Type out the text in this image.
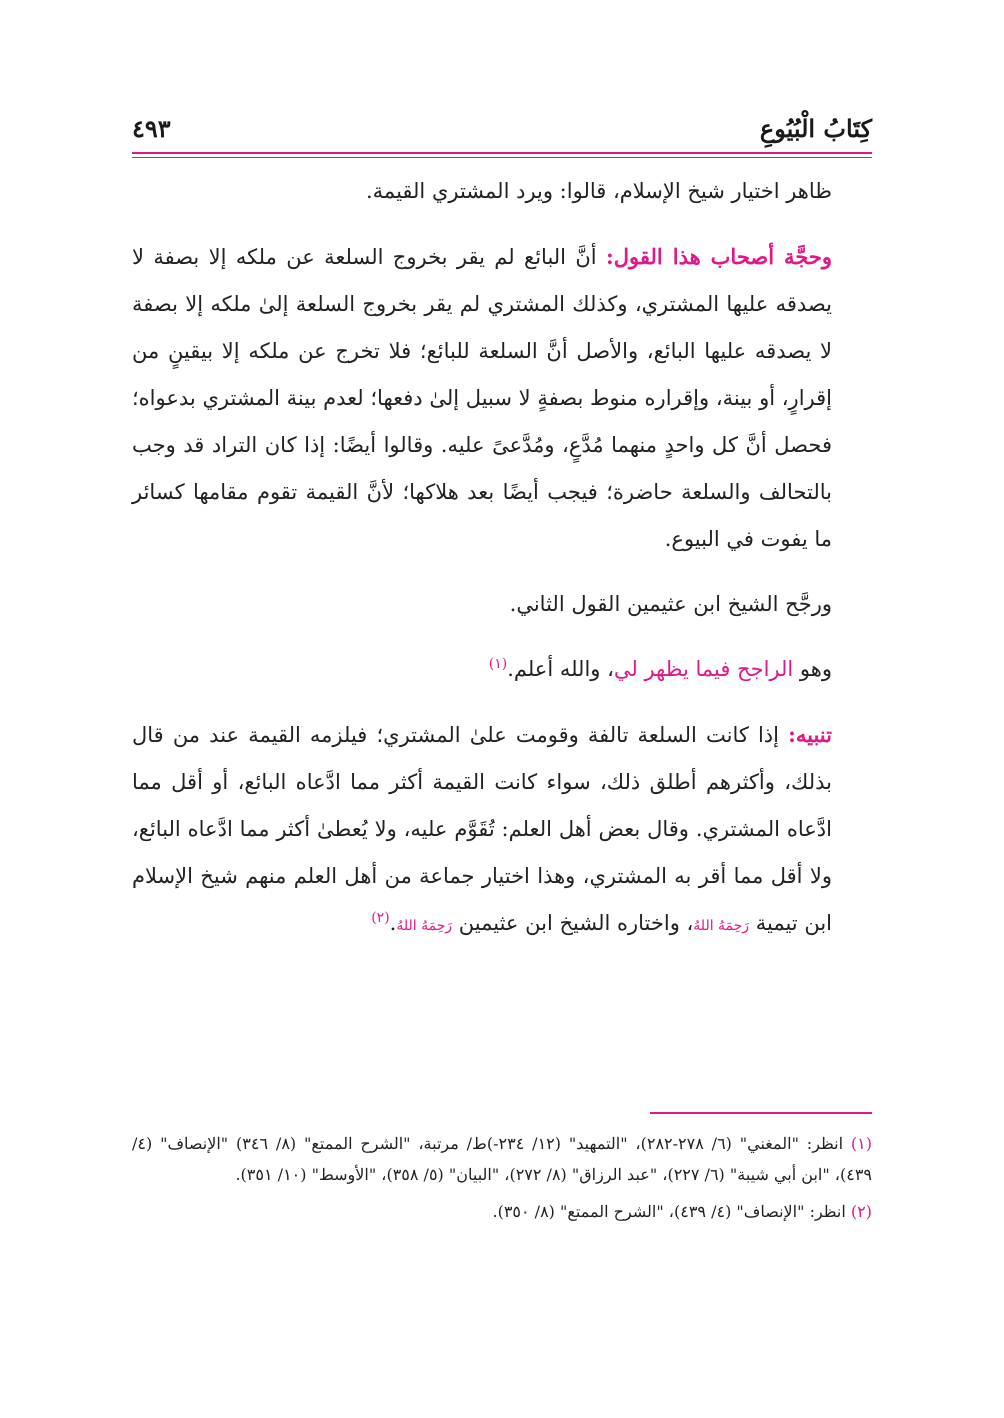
كِتَابُ الْبُيُوعِ
٤٩٣

ظاهر اختيار شيخ الإسلام، قالوا: ويرد المشتري القيمة.

وحجَّة أصحاب هذا القول: أنَّ البائع لم يقر بخروج السلعة عن ملكه إلا بصفة لا يصدقه عليها المشتري، وكذلك المشتري لم يقر بخروج السلعة إلىٰ ملكه إلا بصفة لا يصدقه عليها البائع، والأصل أنَّ السلعة للبائع؛ فلا تخرج عن ملكه إلا بيقينٍ من إقرارٍ، أو بينة، وإقراره منوط بصفةٍ لا سبيل إلىٰ دفعها؛ لعدم بينة المشتري بدعواه؛ فحصل أنَّ كل واحدٍ منهما مُدَّعٍ، ومُدَّعىً عليه. وقالوا أيضًا: إذا كان التراد قد وجب بالتحالف والسلعة حاضرة؛ فيجب أيضًا بعد هلاكها؛ لأنَّ القيمة تقوم مقامها كسائر ما يفوت في البيوع.

ورجَّح الشيخ ابن عثيمين القول الثاني.

وهو الراجح فيما يظهر لي، والله أعلم.$^{(١)}$

تنبيه: إذا كانت السلعة تالفة وقومت علىٰ المشتري؛ فيلزمه القيمة عند من قال بذلك، وأكثرهم أطلق ذلك، سواء كانت القيمة أكثر مما ادَّعاه البائع، أو أقل مما ادَّعاه المشتري. وقال بعض أهل العلم: تُقَوَّم عليه، ولا يُعطىٰ أكثر مما ادَّعاه البائع، ولا أقل مما أقر به المشتري، وهذا اختيار جماعة من أهل العلم منهم شيخ الإسلام ابن تيمية رَحِمَهُ اللهُ، واختاره الشيخ ابن عثيمين رَحِمَهُ اللهُ.$^{(٢)}$

(١) انظر: "المغني" (٦/ ٢٧٨-٢٨٢)، "التمهيد" (١٢/ ٢٣٤-)ط/ مرتبة، "الشرح الممتع" (٨/ ٣٤٦) "الإنصاف" (٤/ ٤٣٩)، "ابن أبي شيبة" (٦/ ٢٢٧)، "عبد الرزاق" (٨/ ٢٧٢)، "البيان" (٥/ ٣٥٨)، "الأوسط" (١٠/ ٣٥١).

(٢) انظر: "الإنصاف" (٤/ ٤٣٩)، "الشرح الممتع" (٨/ ٣٥٠).
